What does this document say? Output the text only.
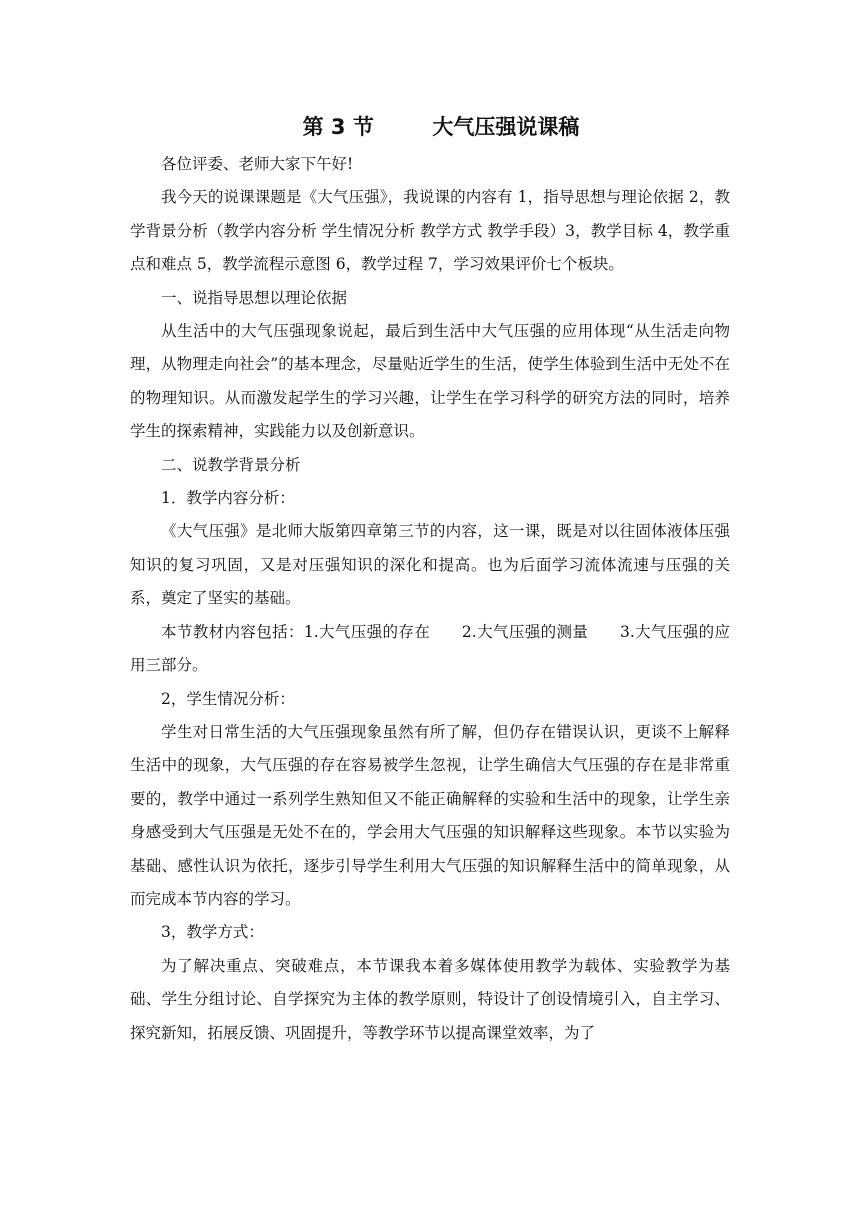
第 3 节        大气压强说课稿

各位评委、老师大家下午好!

我今天的说课课题是《大气压强》，我说课的内容有 1，指导思想与理论依据 2，教学背景分析（教学内容分析 学生情况分析 教学方式 教学手段）3，教学目标 4，教学重点和难点 5，教学流程示意图 6，教学过程 7，学习效果评价七个板块。

一、说指导思想以理论依据

从生活中的大气压强现象说起，最后到生活中大气压强的应用体现“从生活走向物理，从物理走向社会”的基本理念，尽量贴近学生的生活，使学生体验到生活中无处不在的物理知识。从而激发起学生的学习兴趣，让学生在学习科学的研究方法的同时，培养学生的探索精神，实践能力以及创新意识。

二、说教学背景分析

1．教学内容分析：

《大气压强》是北师大版第四章第三节的内容，这一课，既是对以往固体液体压强知识的复习巩固，又是对压强知识的深化和提高。也为后面学习流体流速与压强的关系，奠定了坚实的基础。

本节教材内容包括：1.大气压强的存在　　2.大气压强的测量　　3.大气压强的应用三部分。

2，学生情况分析：

学生对日常生活的大气压强现象虽然有所了解，但仍存在错误认识，更谈不上解释生活中的现象，大气压强的存在容易被学生忽视，让学生确信大气压强的存在是非常重要的，教学中通过一系列学生熟知但又不能正确解释的实验和生活中的现象，让学生亲身感受到大气压强是无处不在的，学会用大气压强的知识解释这些现象。本节以实验为基础、感性认识为依托，逐步引导学生利用大气压强的知识解释生活中的简单现象，从而完成本节内容的学习。

3，教学方式：

为了解决重点、突破难点，本节课我本着多媒体使用教学为载体、实验教学为基础、学生分组讨论、自学探究为主体的教学原则，特设计了创设情境引入，自主学习、探究新知，拓展反馈、巩固提升，等教学环节以提高课堂效率，为了
